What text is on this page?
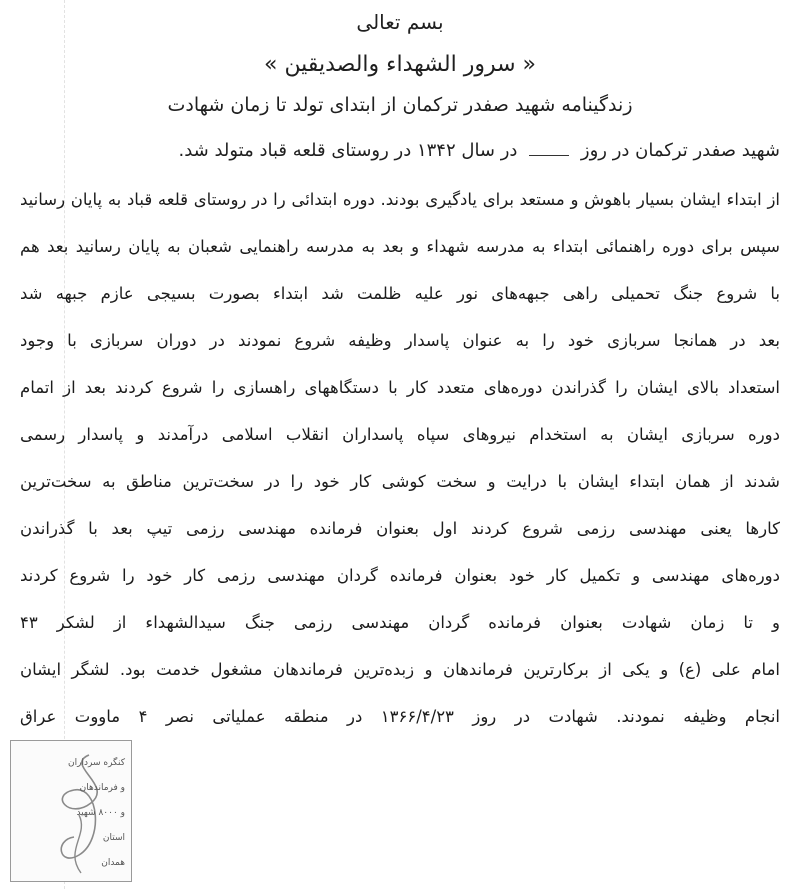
بسم تعالی
« سرور الشهداء والصدیقین »
زندگینامه شهید صفدر ترکمان از ابتدای تولد تا زمان شهادت
شهید صفدر ترکمان در روز  در سال ۱۳۴۲ در روستای قلعه قباد متولد شد.
از ابتداء ایشان بسیار باهوش و مستعد برای یادگیری بودند. دوره ابتدائی را در روستای قلعه قباد به پایان رسانید
سپس برای دوره راهنمائی ابتداء به مدرسه شهداء و بعد به مدرسه راهنمایی شعبان به پایان رسانید بعد هم
با شروع جنگ تحمیلی راهی جبهه‌های نور علیه ظلمت شد ابتداء بصورت بسیجی عازم جبهه شد
بعد در همانجا سربازی خود را به عنوان پاسدار وظیفه شروع نمودند در دوران سربازی با وجود
استعداد بالای ایشان را گذراندن دوره‌های متعدد کار با دستگاههای راهسازی را شروع کردند بعد از اتمام
دوره سربازی ایشان به استخدام نیروهای سپاه پاسداران انقلاب اسلامی درآمدند و پاسدار رسمی
شدند از همان ابتداء ایشان با درایت و سخت کوشی کار خود را در سخت‌ترین مناطق به سخت‌ترین
کارها یعنی مهندسی رزمی شروع کردند اول بعنوان فرمانده مهندسی رزمی تیپ بعد با گذراندن
دوره‌های مهندسی و تکمیل کار خود بعنوان فرمانده گردان مهندسی رزمی کار خود را شروع کردند
و تا زمان شهادت بعنوان فرمانده گردان مهندسی رزمی جنگ سیدالشهداء از لشکر ۴۳
امام علی (ع) و یکی از برکارترین فرماندهان و زبده‌ترین فرماندهان مشغول خدمت بود. لشگر ایشان
انجام وظیفه نمودند. شهادت در روز ۱۳۶۶/۴/۲۳ در منطقه عملیاتی نصر ۴ ماووت عراق
کنگره سرداران
و فرماندهان
و ۸۰۰۰ شهید
استان
همدان
